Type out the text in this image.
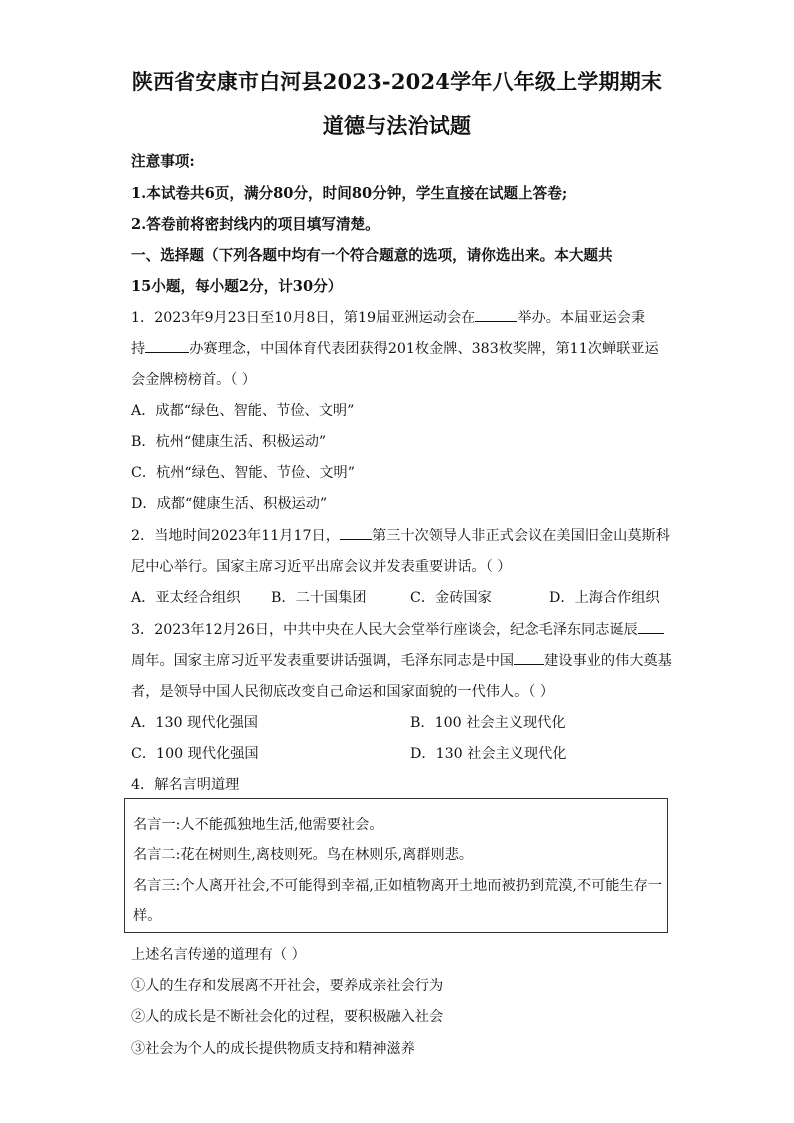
陕西省安康市白河县2023-2024学年八年级上学期期末
道德与法治试题
注意事项:
1.本试卷共6页，满分80分，时间80分钟，学生直接在试题上答卷;
2.答卷前将密封线内的项目填写清楚。
一、选择题（下列各题中均有一个符合题意的选项，请你选出来。本大题共
15小题，每小题2分，计30分）
1．2023年9月23日至10月8日，第19届亚洲运动会在	举办。本届亚运会秉
持	办赛理念，中国体育代表团获得201枚金牌、383枚奖牌，第11次蝉联亚运
会金牌榜榜首。（ ）
A．成都“绿色、智能、节俭、文明”
B．杭州“健康生活、积极运动”
C．杭州“绿色、智能、节俭、文明”
D．成都“健康生活、积极运动”
2．当地时间2023年11月17日， 第三十次领导人非正式会议在美国旧金山莫斯科
尼中心举行。国家主席习近平出席会议并发表重要讲话。（ ）
A．亚太经合组织 B．二十国集团	C．金砖国家	D．上海合作组织
3．2023年12月26日，中共中央在人民大会堂举行座谈会，纪念毛泽东同志诞辰
周年。国家主席习近平发表重要讲话强调，毛泽东同志是中国 建设事业的伟大奠基
者，是领导中国人民彻底改变自己命运和国家面貌的一代伟人。（ ）
A．130 现代化强国	B．100 社会主义现代化
C．100 现代化强国	D．130 社会主义现代化
4．解名言明道理
名言一:人不能孤独地生活,他需要社会。
名言二:花在树则生,离枝则死。鸟在林则乐,离群则悲。
名言三:个人离开社会,不可能得到幸福,正如植物离开土地而被扔到荒漠,不可能生存一
样。
上述名言传递的道理有（ ）
①人的生存和发展离不开社会，要养成亲社会行为
②人的成长是不断社会化的过程，要积极融入社会
③社会为个人的成长提供物质支持和精神滋养
